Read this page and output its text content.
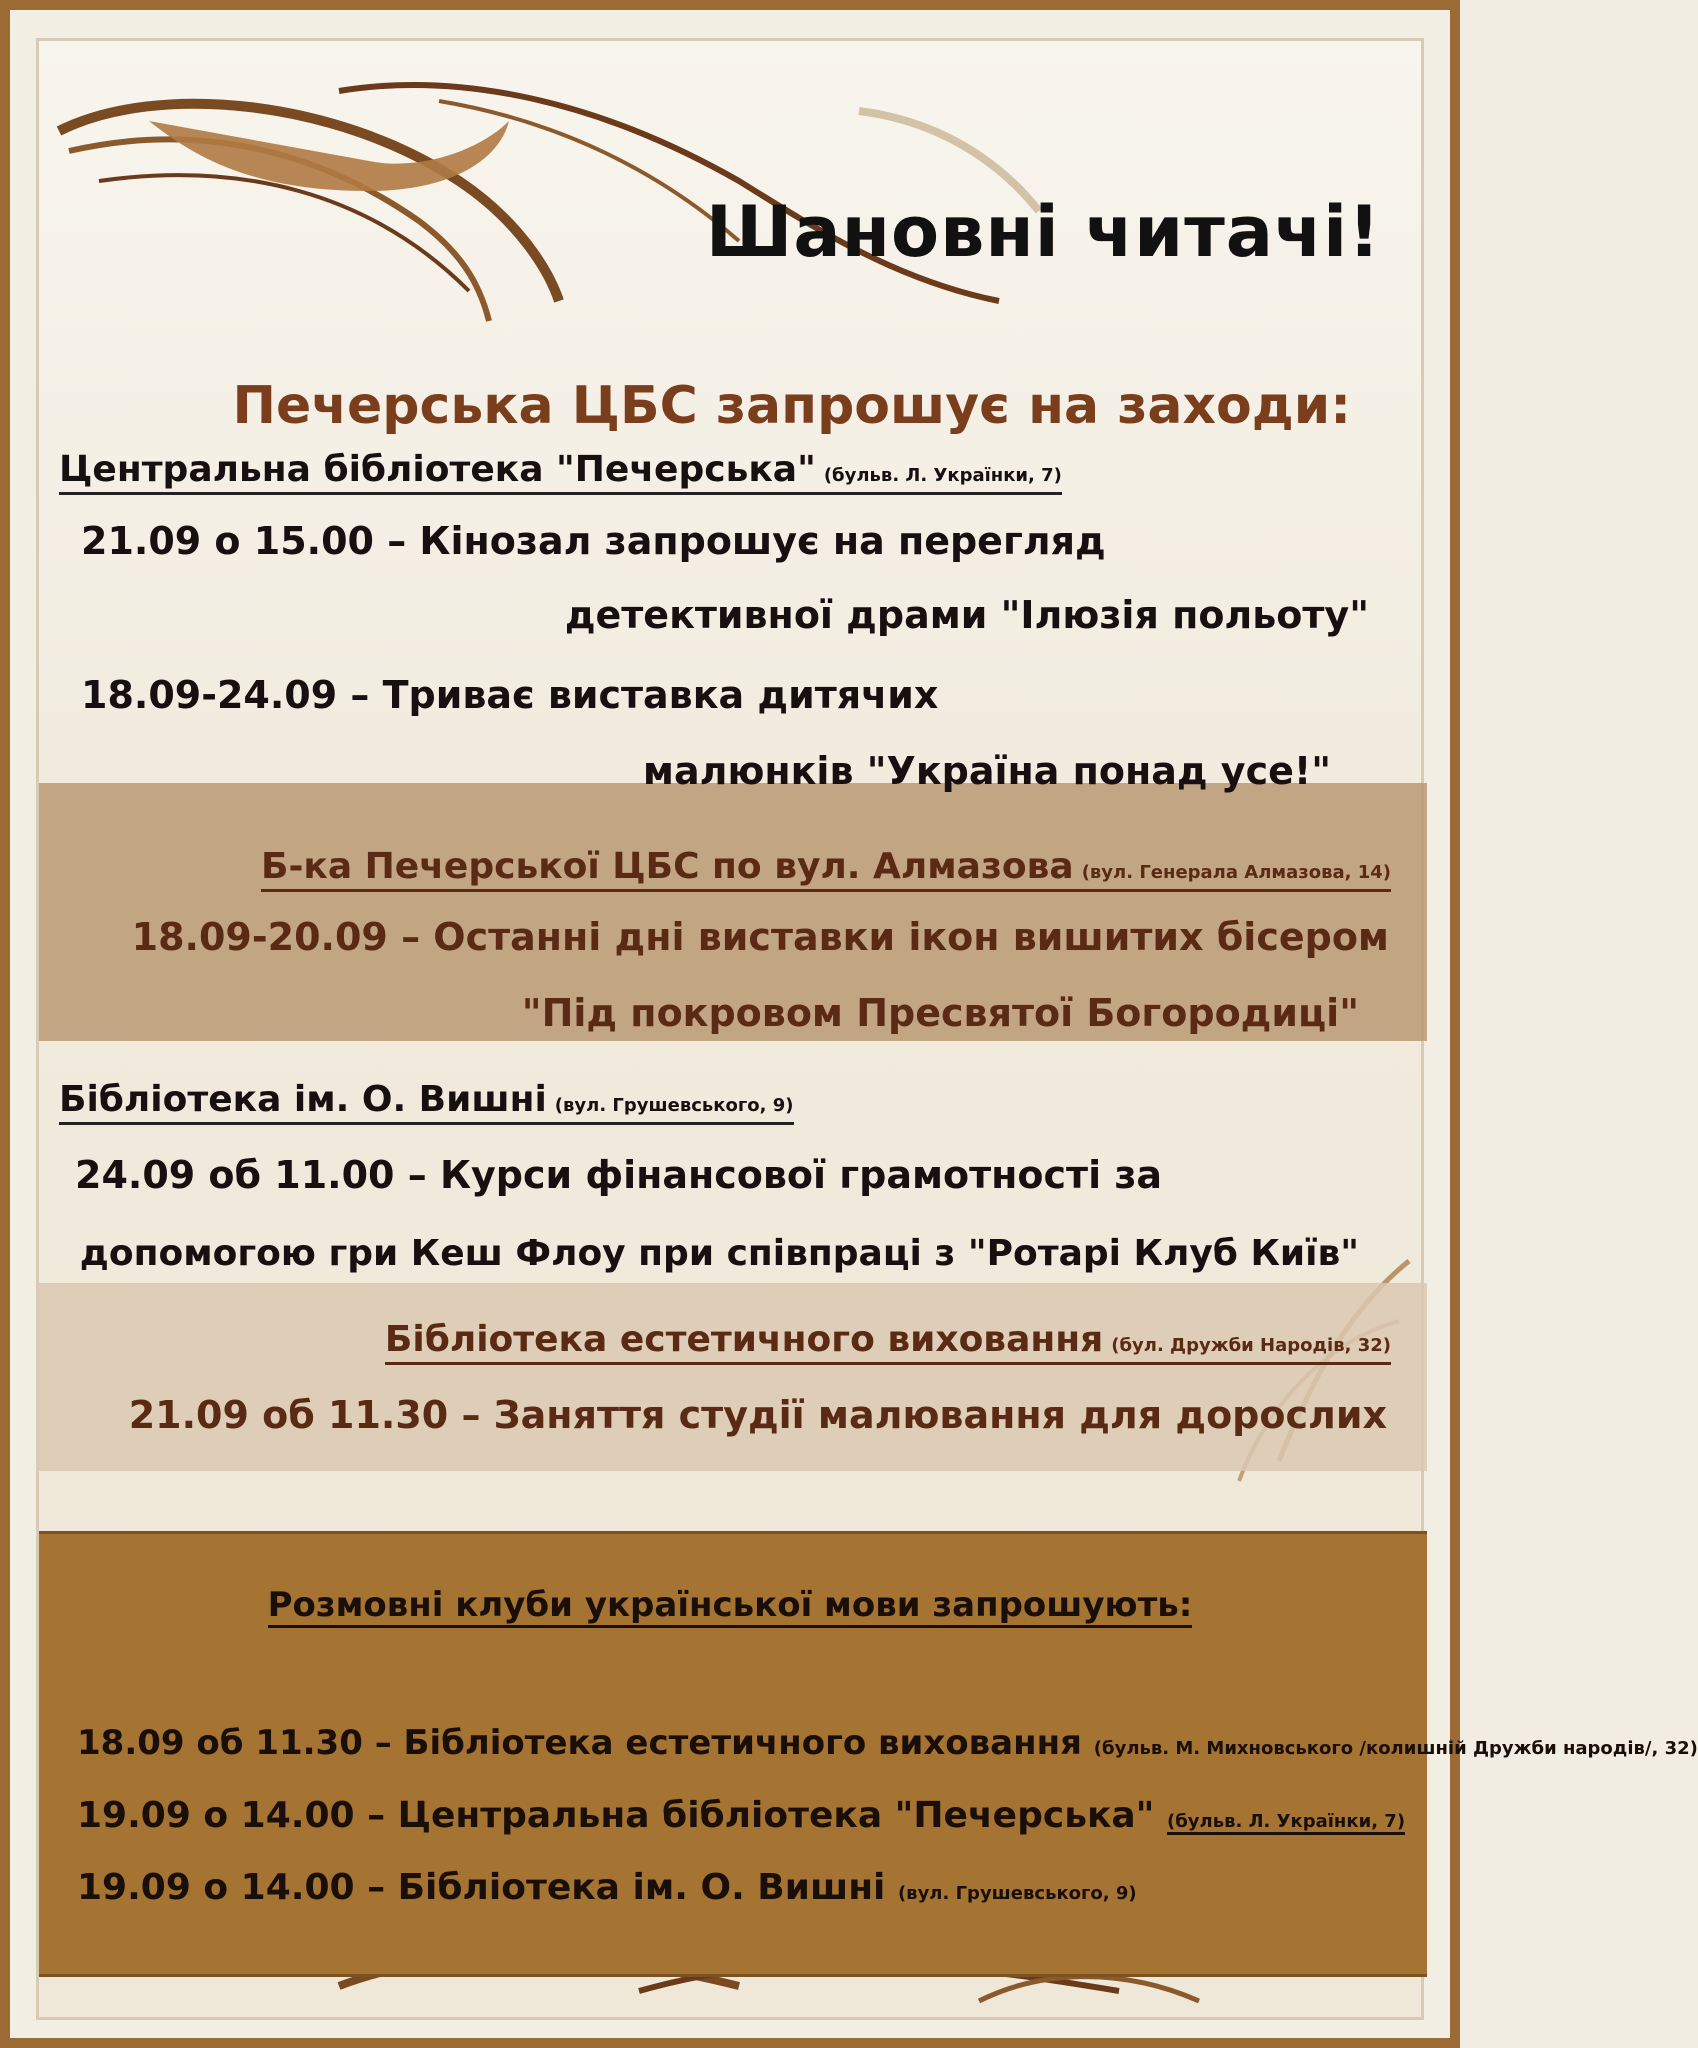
Шановні читачі!
Печерська ЦБС запрошує на заходи:
Центральна бібліотека "Печерська" (бульв. Л. Українки, 7)
21.09 о 15.00 – Кінозал запрошує на перегляд
детективної драми "Ілюзія польоту"
18.09-24.09 – Триває виставка дитячих
малюнків "Україна понад усе!"
Б-ка Печерської ЦБС по вул. Алмазова (вул. Генерала Алмазова, 14)
18.09-20.09 – Останні дні виставки ікон вишитих бісером
"Під покровом Пресвятої Богородиці"
Бібліотека ім. О. Вишні (вул. Грушевського, 9)
24.09 об 11.00 – Курси фінансової грамотності за
допомогою гри Кеш Флоу при співпраці з "Ротарі Клуб Київ"
Бібліотека естетичного виховання (бул. Дружби Народів, 32)
21.09 об 11.30 – Заняття студії малювання для дорослих
Розмовні клуби української мови запрошують:
18.09 об 11.30 – Бібліотека естетичного виховання (бульв. М. Михновського /колишній Дружби народів/, 32)
19.09 о 14.00 – Центральна бібліотека "Печерська" (бульв. Л. Українки, 7)
19.09 о 14.00 – Бібліотека ім. О. Вишні (вул. Грушевського, 9)
